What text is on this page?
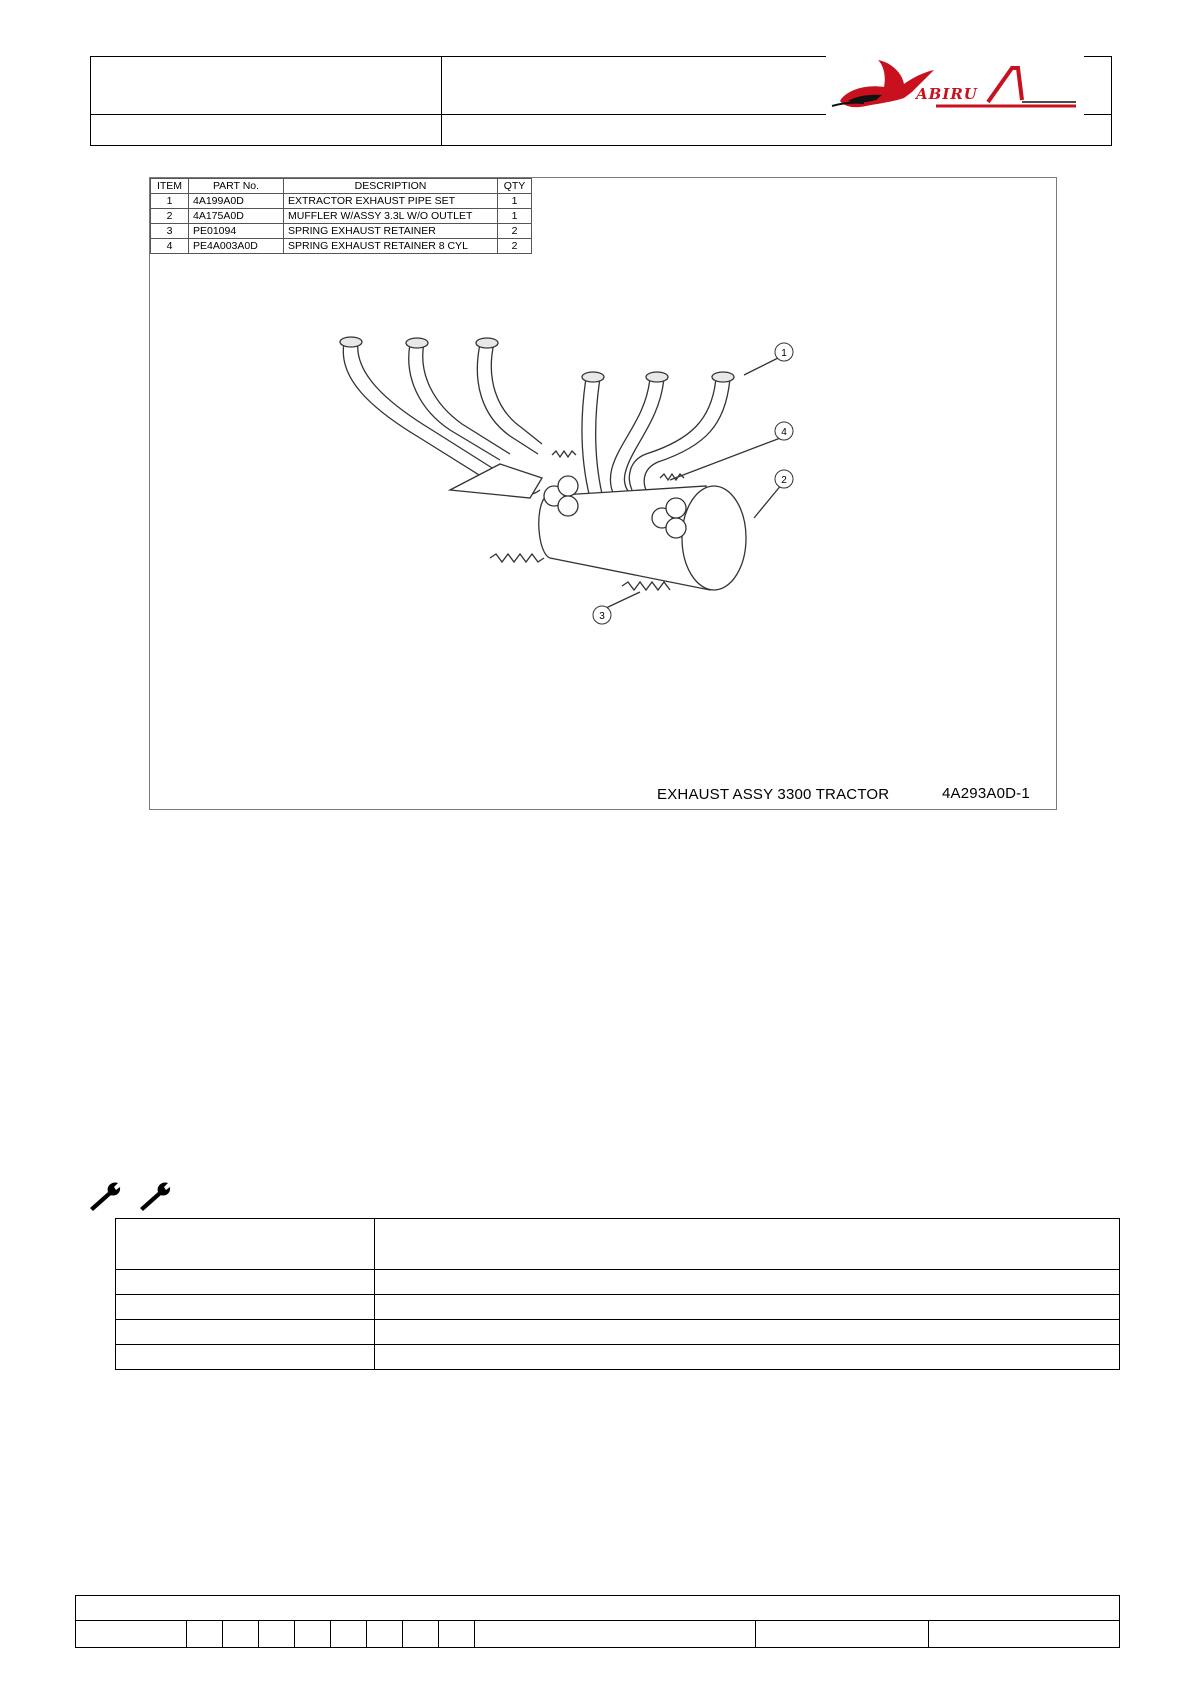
ABIRU
ITEM	PART No.	DESCRIPTION	QTY
1	4A199A0D	EXTRACTOR EXHAUST PIPE SET	1
2	4A175A0D	MUFFLER W/ASSY 3.3L W/O OUTLET	1
3	PE01094	SPRING EXHAUST RETAINER	2
4	PE4A003A0D	SPRING EXHAUST RETAINER 8 CYL	2
1
2
3
4
EXHAUST ASSY 3300 TRACTOR	4A293A0D-1
